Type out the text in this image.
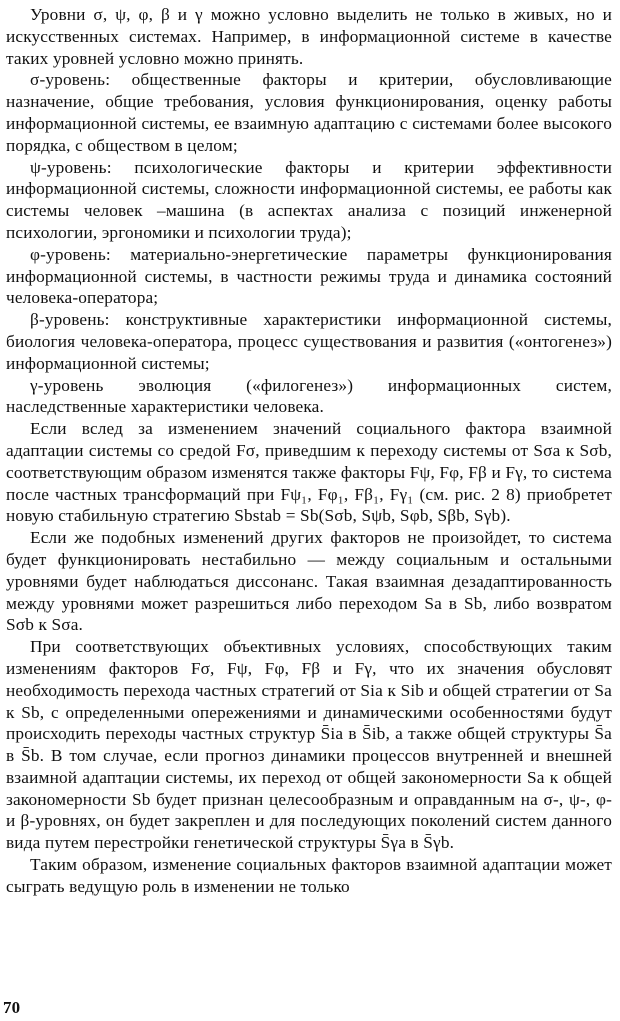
Уровни σ, ψ, φ, β и γ можно условно выделить не только в живых, но и искусственных системах. Например, в информационной системе в качестве таких уровней условно можно принять.

σ-уровень: общественные факторы и критерии, обусловливающие назначение, общие требования, условия функционирования, оценку работы информационной системы, ее взаимную адаптацию с системами более высокого порядка, с обществом в целом;

ψ-уровень: психологические факторы и критерии эффективности информационной системы, сложности информационной системы, ее работы как системы человек –машина (в аспектах анализа с позиций инженерной психологии, эргономики и психологии труда);

φ-уровень: материально-энергетические параметры функционирования информационной системы, в частности режимы труда и динамика состояний человека-оператора;

β-уровень: конструктивные характеристики информационной системы, биология человека-оператора, процесс существования и развития («онтогенез») информационной системы;

γ-уровень эволюция («филогенез») информационных систем, наследственные характеристики человека.

Если вслед за изменением значений социального фактора взаимной адаптации системы со средой Fσ, приведшим к переходу системы от Sσa к Sσb, соответствующим образом изменятся также факторы Fψ, Fφ, Fβ и Fγ, то система после частных трансформаций при Fψ₁, Fφ₁, Fβ₁, Fγ₁ (см. рис. 2 8) приобретет новую стабильную стратегию Sbstab = Sb(Sσb, Sψb, Sφb, Sβb, Sγb).

Если же подобных изменений других факторов не произойдет, то система будет функционировать нестабильно — между социальным и остальными уровнями будет наблюдаться диссонанс. Такая взаимная дезадаптированность между уровнями может разрешиться либо переходом Sa в Sb, либо возвратом Sσb к Sσa.

При соответствующих объективных условиях, способствующих таким изменениям факторов Fσ, Fψ, Fφ, Fβ и Fγ, что их значения обусловят необходимость перехода частных стратегий от Sia к Sib и общей стратегии от Sa к Sb, с определенными опережениями и динамическими особенностями будут происходить переходы частных структур S̄ia в S̄ib, а также общей структуры S̄a в S̄b. В том случае, если прогноз динамики процессов внутренней и внешней взаимной адаптации системы, их переход от общей закономерности Sa к общей закономерности Sb будет признан целесообразным и оправданным на σ-, ψ-, φ- и β-уровнях, он будет закреплен и для последующих поколений систем данного вида путем перестройки генетической структуры S̄γa в S̄γb.

Таким образом, изменение социальных факторов взаимной адаптации может сыграть ведущую роль в изменении не только

70
